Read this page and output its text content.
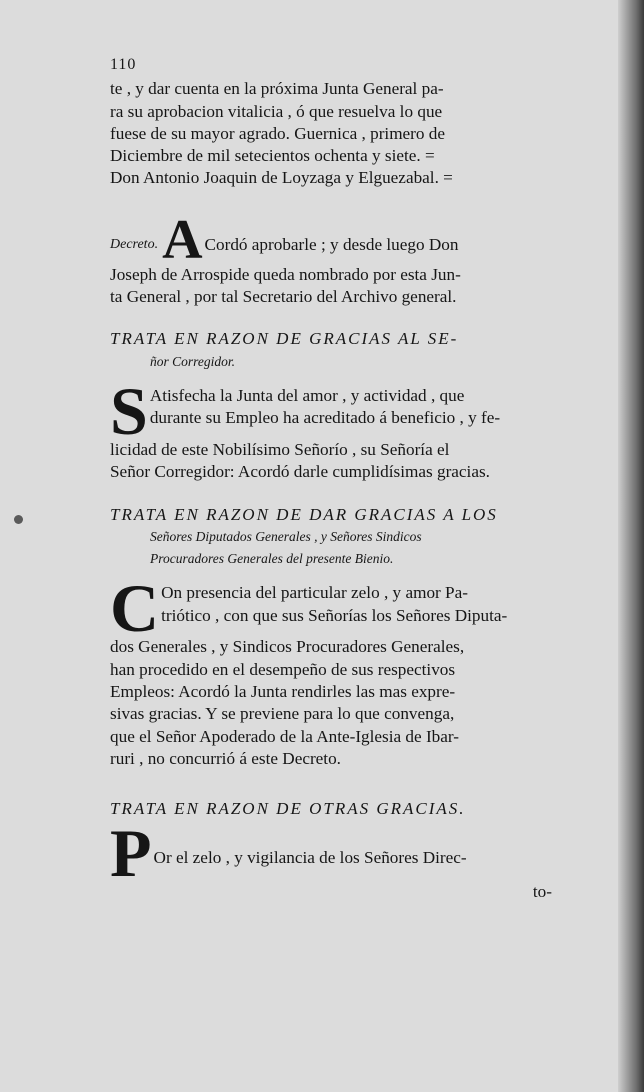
110
te , y dar cuenta en la próxima Junta General pa-
ra su aprobacion vitalicia , ó que resuelva lo que
fuese de su mayor agrado. Guernica , primero de
Diciembre de mil setecientos ochenta y siete. =
Don Antonio Joaquin de Loyzaga y Elguezabal. =
Decreto. A Cordó aprobarle ; y desde luego Don
Joseph de Arrospide queda nombrado por esta Jun-
ta General , por tal Secretario del Archivo general.
TRATA EN RAZON DE GRACIAS AL SE-
ñor Corregidor.
S Atisfecha la Junta del amor , y actividad , que
durante su Empleo ha acreditado á beneficio , y fe-
licidad de este Nobilísimo Señorío , su Señoría el
Señor Corregidor: Acordó darle cumplidísimas gracias.
TRATA EN RAZON DE DAR GRACIAS A LOS
Señores Diputados Generales , y Señores Sindicos
Procuradores Generales del presente Bienio.
C On presencia del particular zelo , y amor Pa-
triótico , con que sus Señorías los Señores Diputa-
dos Generales , y Sindicos Procuradores Generales,
han procedido en el desempeño de sus respectivos
Empleos: Acordó la Junta rendirles las mas expre-
sivas gracias. Y se previene para lo que convenga,
que el Señor Apoderado de la Ante-Iglesia de Ibar-
ruri , no concurrió á este Decreto.
TRATA EN RAZON DE OTRAS GRACIAS.
P Or el zelo , y vigilancia de los Señores Direc-
to-
